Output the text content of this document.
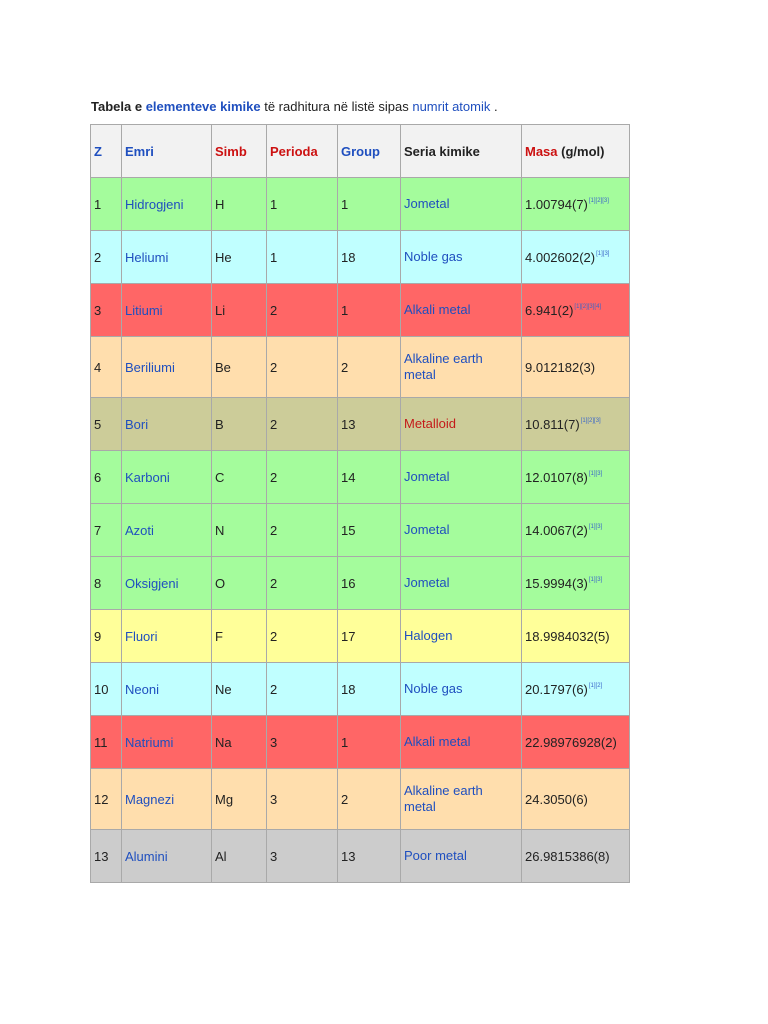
Tabela e elementeve kimike të radhitura në listë sipas numrit atomik .
Z	Emri	Simb	Perioda	Group	Seria kimike	Masa (g/mol)
1	Hidrogjeni	H	1	1	Jometal	1.00794(7)[1][2][3]
2	Heliumi	He	1	18	Noble gas	4.002602(2)[1][3]
3	Litiumi	Li	2	1	Alkali metal	6.941(2)[1][2][3][4]
4	Beriliumi	Be	2	2	Alkaline earth metal	9.012182(3)
5	Bori	B	2	13	Metalloid	10.811(7)[1][2][3]
6	Karboni	C	2	14	Jometal	12.0107(8)[1][3]
7	Azoti	N	2	15	Jometal	14.0067(2)[1][3]
8	Oksigjeni	O	2	16	Jometal	15.9994(3)[1][3]
9	Fluori	F	2	17	Halogen	18.9984032(5)
10	Neoni	Ne	2	18	Noble gas	20.1797(6)[1][2]
11	Natriumi	Na	3	1	Alkali metal	22.98976928(2)
12	Magnezi	Mg	3	2	Alkaline earth metal	24.3050(6)
13	Alumini	Al	3	13	Poor metal	26.9815386(8)
